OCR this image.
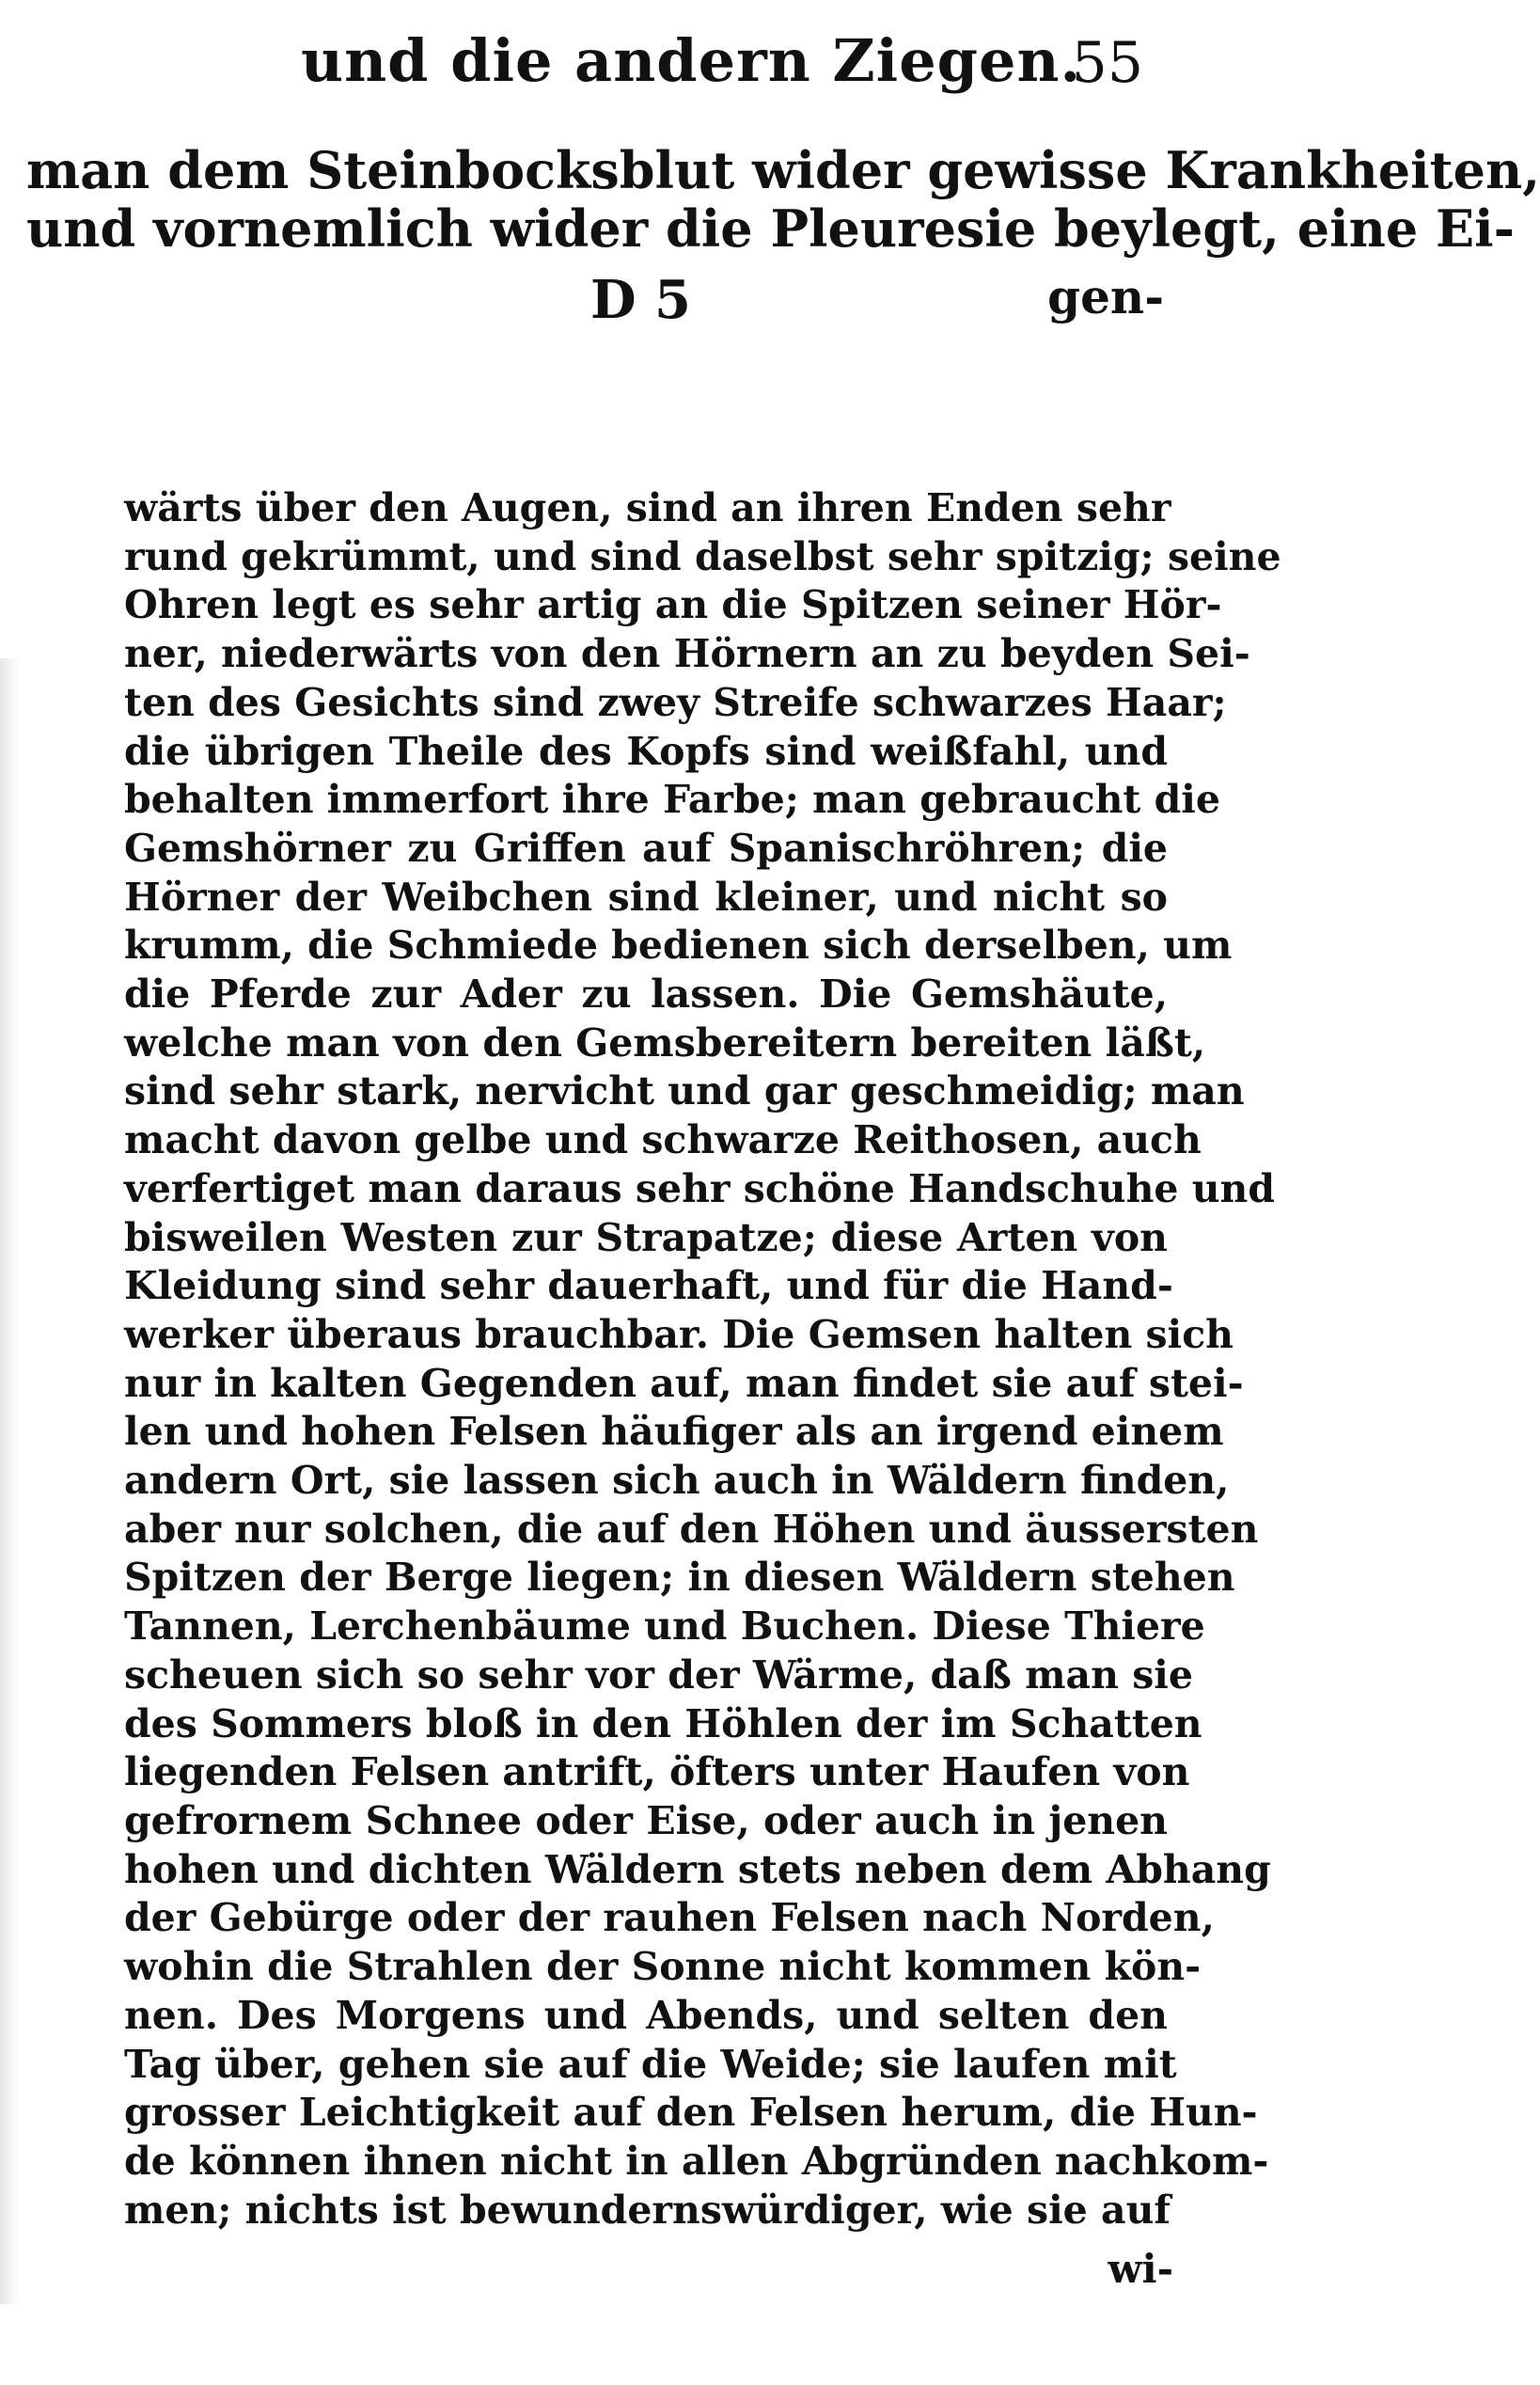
und die andern Ziegen.
55
man dem Steinbocksblut wider gewisse Krankheiten,
und vornemlich wider die Pleuresie beylegt, eine Ei-
D 5	gen-
wärts über den Augen, sind an ihren Enden sehr
rund gekrümmt, und sind daselbst sehr spitzig; seine
Ohren legt es sehr artig an die Spitzen seiner Hör-
ner, niederwärts von den Hörnern an zu beyden Sei-
ten des Gesichts sind zwey Streife schwarzes Haar;
die übrigen Theile des Kopfs sind weißfahl, und
behalten immerfort ihre Farbe; man gebraucht die
Gemshörner zu Griffen auf Spanischröhren; die
Hörner der Weibchen sind kleiner, und nicht so
krumm, die Schmiede bedienen sich derselben, um
die Pferde zur Ader zu lassen. Die Gemshäute,
welche man von den Gemsbereitern bereiten läßt,
sind sehr stark, nervicht und gar geschmeidig; man
macht davon gelbe und schwarze Reithosen, auch
verfertiget man daraus sehr schöne Handschuhe und
bisweilen Westen zur Strapatze; diese Arten von
Kleidung sind sehr dauerhaft, und für die Hand-
werker überaus brauchbar. Die Gemsen halten sich
nur in kalten Gegenden auf, man findet sie auf stei-
len und hohen Felsen häufiger als an irgend einem
andern Ort, sie lassen sich auch in Wäldern finden,
aber nur solchen, die auf den Höhen und äussersten
Spitzen der Berge liegen; in diesen Wäldern stehen
Tannen, Lerchenbäume und Buchen. Diese Thiere
scheuen sich so sehr vor der Wärme, daß man sie
des Sommers bloß in den Höhlen der im Schatten
liegenden Felsen antrift, öfters unter Haufen von
gefrornem Schnee oder Eise, oder auch in jenen
hohen und dichten Wäldern stets neben dem Abhang
der Gebürge oder der rauhen Felsen nach Norden,
wohin die Strahlen der Sonne nicht kommen kön-
nen. Des Morgens und Abends, und selten den
Tag über, gehen sie auf die Weide; sie laufen mit
grosser Leichtigkeit auf den Felsen herum, die Hun-
de können ihnen nicht in allen Abgründen nachkom-
men; nichts ist bewundernswürdiger, wie sie auf
wi-
